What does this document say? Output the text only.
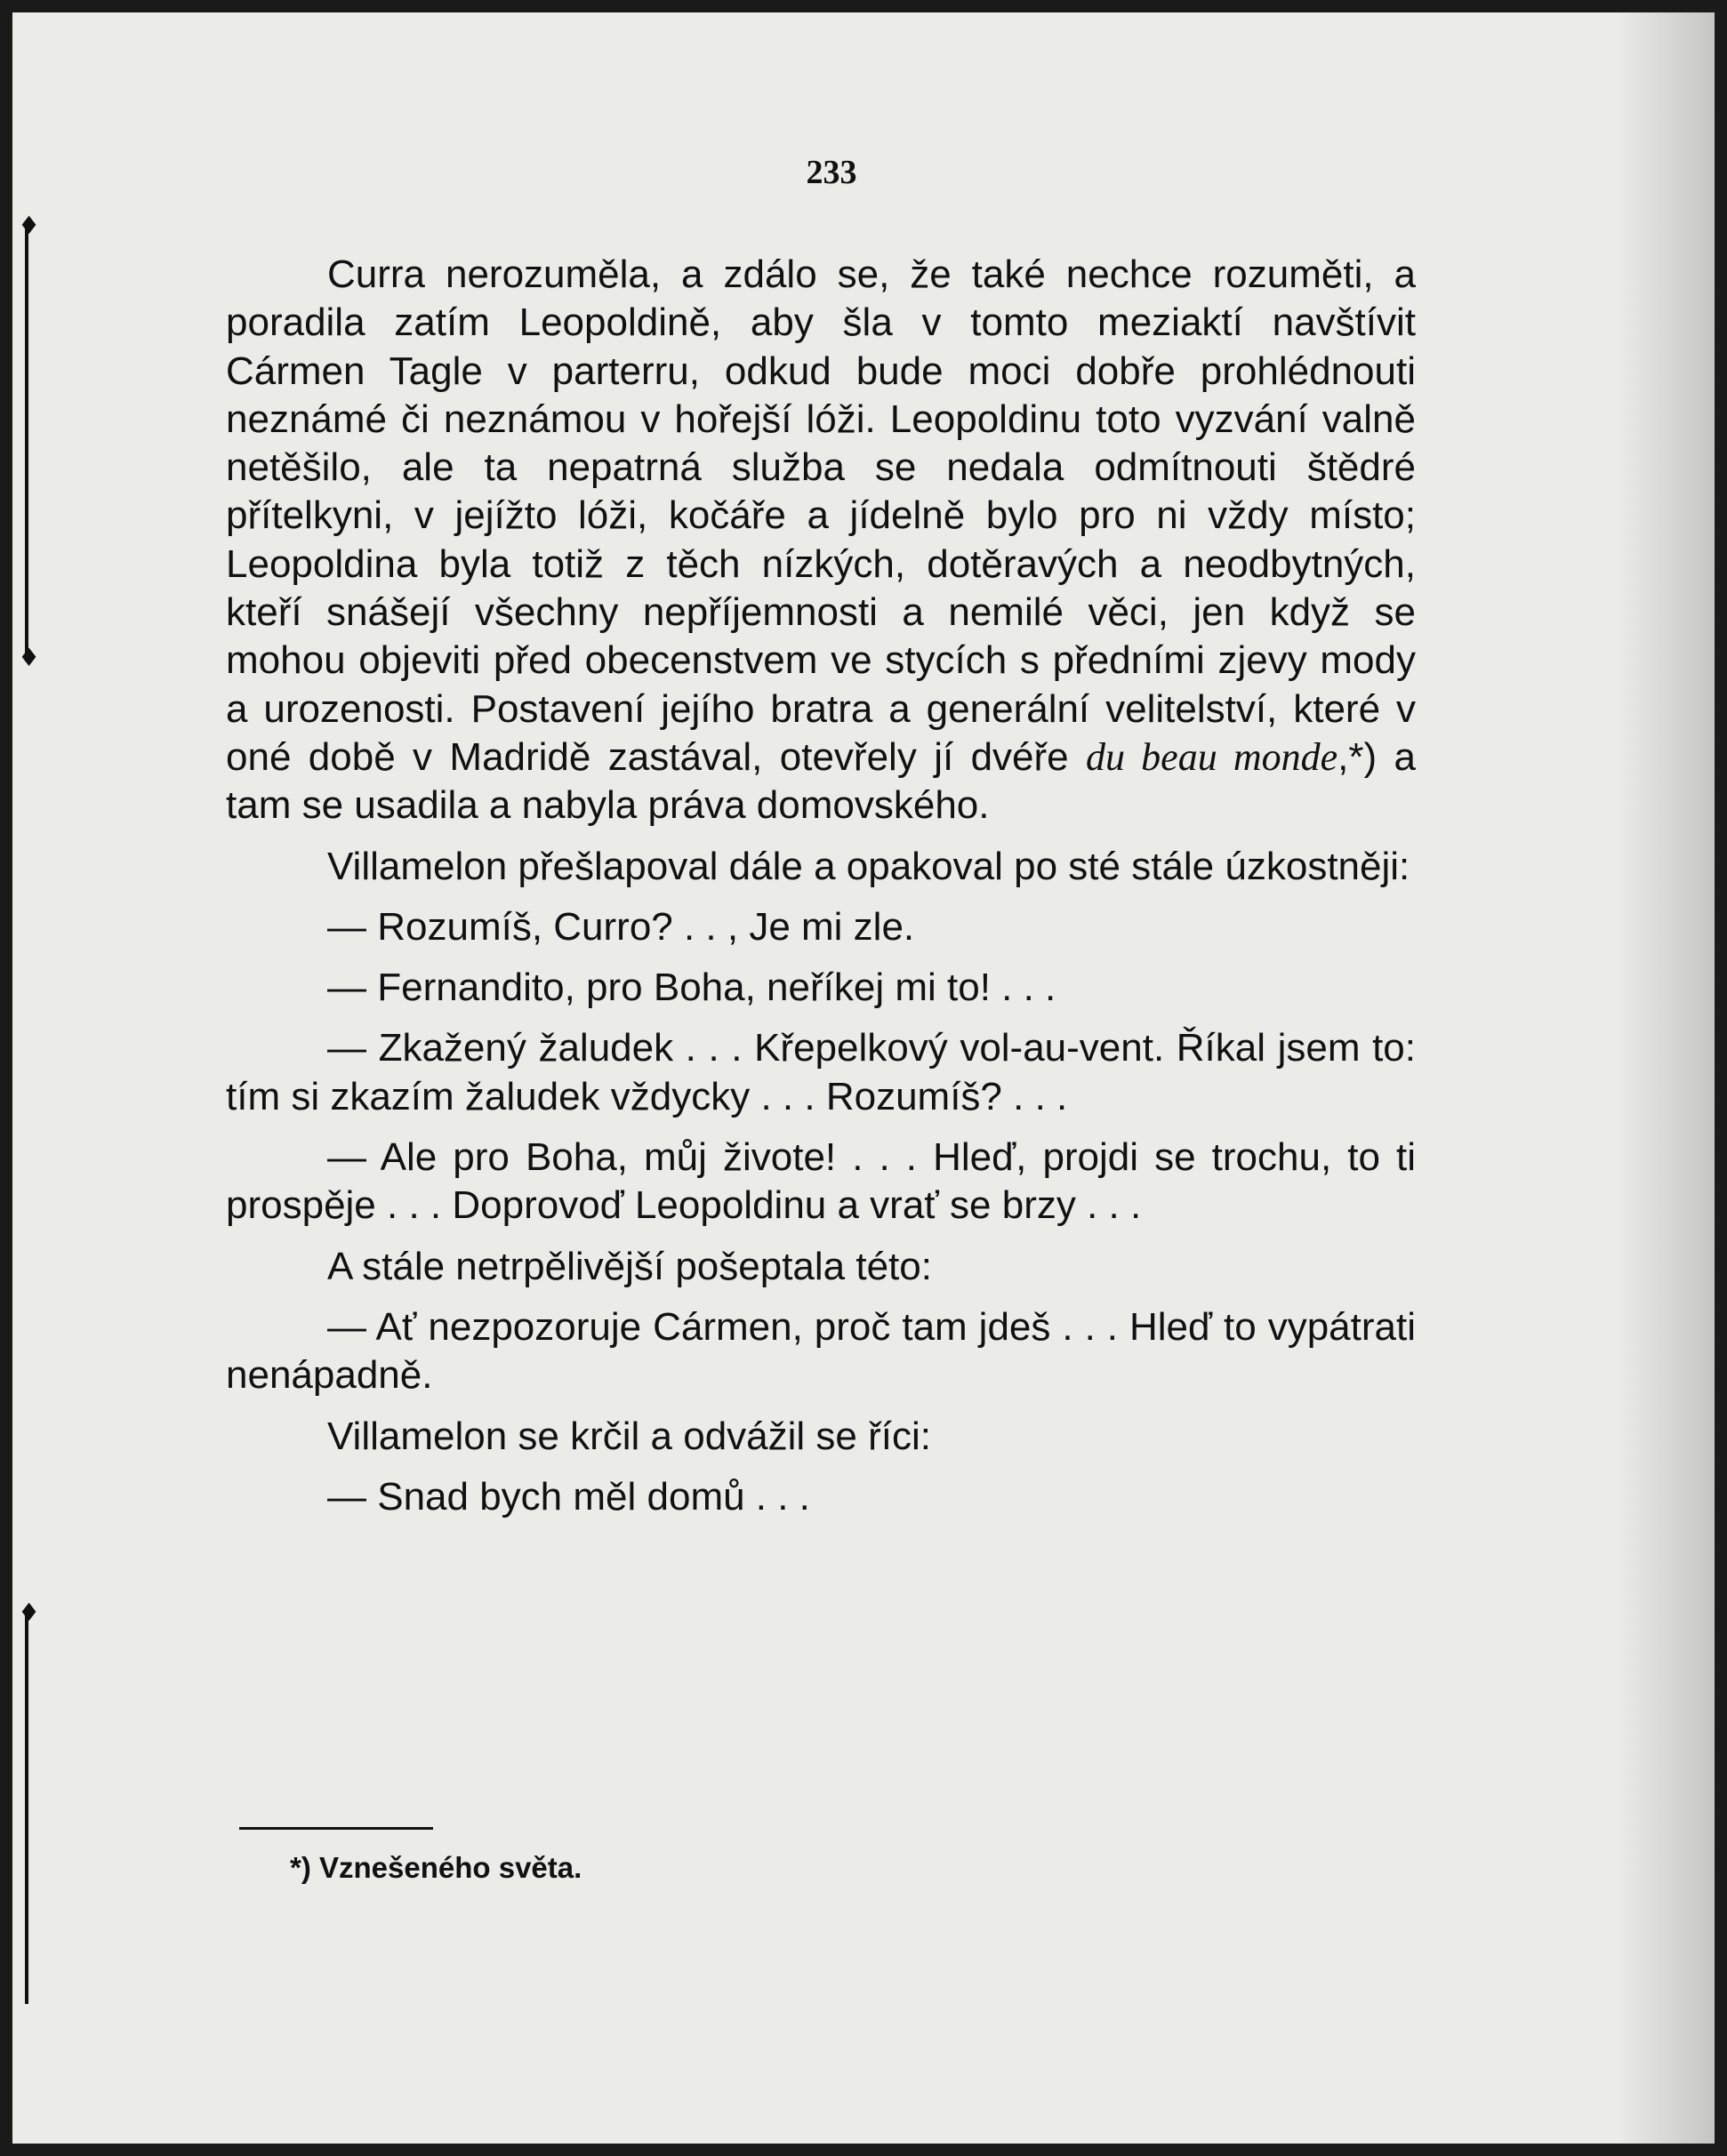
♦
♦
♦
233

Curra nerozuměla, a zdálo se, že také nechce rozuměti, a poradila zatím Leopoldině, aby šla v tomto meziaktí navštívit Cármen Tagle v parterru, odkud bude moci dobře prohlédnouti neznámé či neznámou v hořejší lóži. Leopoldinu toto vyzvání valně netěšilo, ale ta nepatrná služba se nedala odmítnouti štědré přítelkyni, v jejížto lóži, kočáře a jídelně bylo pro ni vždy místo; Leopoldina byla totiž z těch nízkých, dotěravých a neodbytných, kteří snášejí všechny nepříjemnosti a nemilé věci, jen když se mohou objeviti před obecenstvem ve stycích s předními zjevy mody a urozenosti. Postavení jejího bratra a generální velitelství, které v oné době v Madridě zastával, otevřely jí dvéře du beau monde,*) a tam se usadila a nabyla práva domovského.

Villamelon přešlapoval dále a opakoval po sté stále úzkostněji:

— Rozumíš, Curro? . . , Je mi zle.

— Fernandito, pro Boha, neříkej mi to! . . .

— Zkažený žaludek . . . Křepelkový vol-au-vent. Říkal jsem to: tím si zkazím žaludek vždycky . . . Rozumíš? . . .

— Ale pro Boha, můj živote! . . . Hleď, projdi se trochu, to ti prospěje . . . Doprovoď Leopoldinu a vrať se brzy . . .

A stále netrpělivější pošeptala této:

— Ať nezpozoruje Cármen, proč tam jdeš . . . Hleď to vypátrati nenápadně.

Villamelon se krčil a odvážil se říci:

— Snad bych měl domů . . .

*) Vznešeného světa.
